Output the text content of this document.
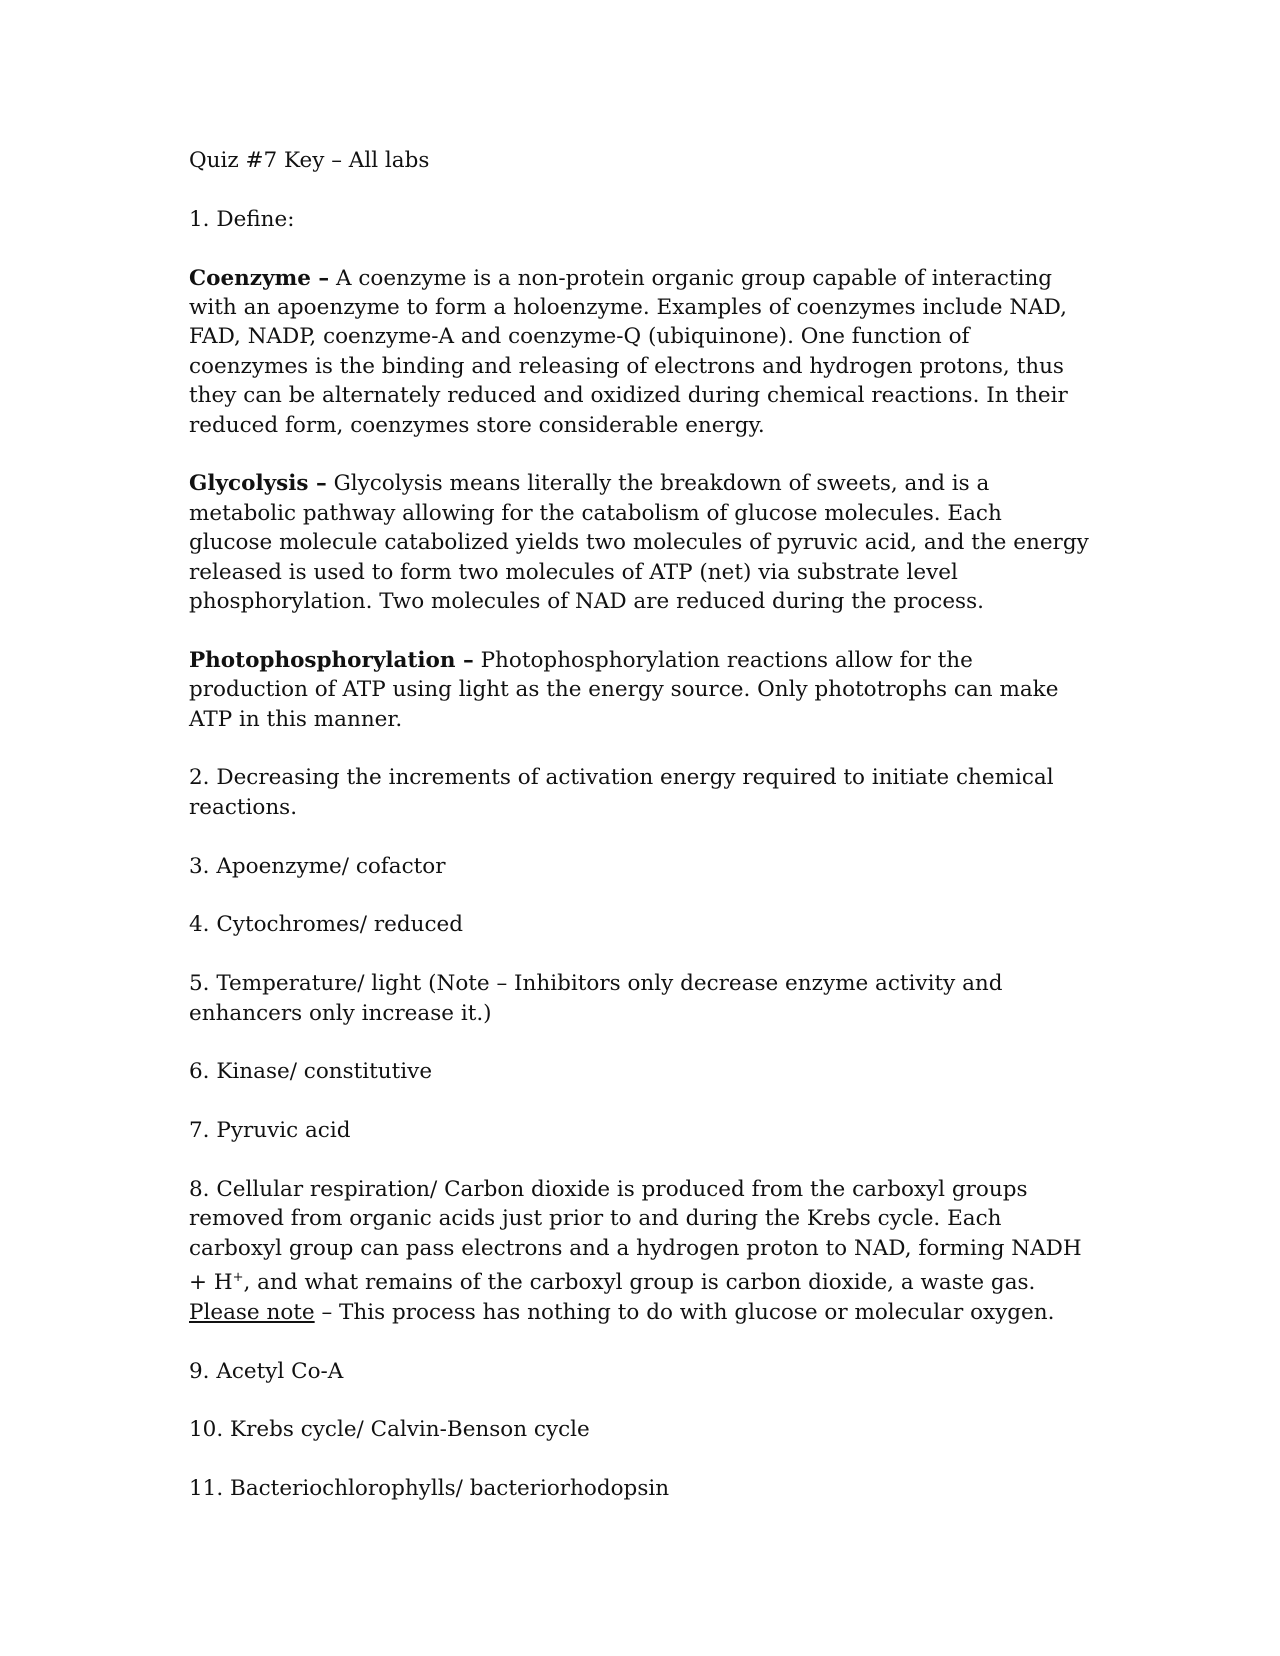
Quiz #7 Key – All labs

1. Define:

Coenzyme – A coenzyme is a non-protein organic group capable of interacting with an apoenzyme to form a holoenzyme. Examples of coenzymes include NAD, FAD, NADP, coenzyme-A and coenzyme-Q (ubiquinone). One function of coenzymes is the binding and releasing of electrons and hydrogen protons, thus they can be alternately reduced and oxidized during chemical reactions. In their reduced form, coenzymes store considerable energy.

Glycolysis – Glycolysis means literally the breakdown of sweets, and is a metabolic pathway allowing for the catabolism of glucose molecules. Each glucose molecule catabolized yields two molecules of pyruvic acid, and the energy released is used to form two molecules of ATP (net) via substrate level phosphorylation. Two molecules of NAD are reduced during the process.

Photophosphorylation – Photophosphorylation reactions allow for the production of ATP using light as the energy source. Only phototrophs can make ATP in this manner.

2. Decreasing the increments of activation energy required to initiate chemical reactions.

3. Apoenzyme/ cofactor

4. Cytochromes/ reduced

5. Temperature/ light (Note – Inhibitors only decrease enzyme activity and enhancers only increase it.)

6. Kinase/ constitutive

7. Pyruvic acid

8. Cellular respiration/ Carbon dioxide is produced from the carboxyl groups removed from organic acids just prior to and during the Krebs cycle. Each carboxyl group can pass electrons and a hydrogen proton to NAD, forming NADH + H+, and what remains of the carboxyl group is carbon dioxide, a waste gas. Please note – This process has nothing to do with glucose or molecular oxygen.

9. Acetyl Co-A

10. Krebs cycle/ Calvin-Benson cycle

11. Bacteriochlorophylls/ bacteriorhodopsin
